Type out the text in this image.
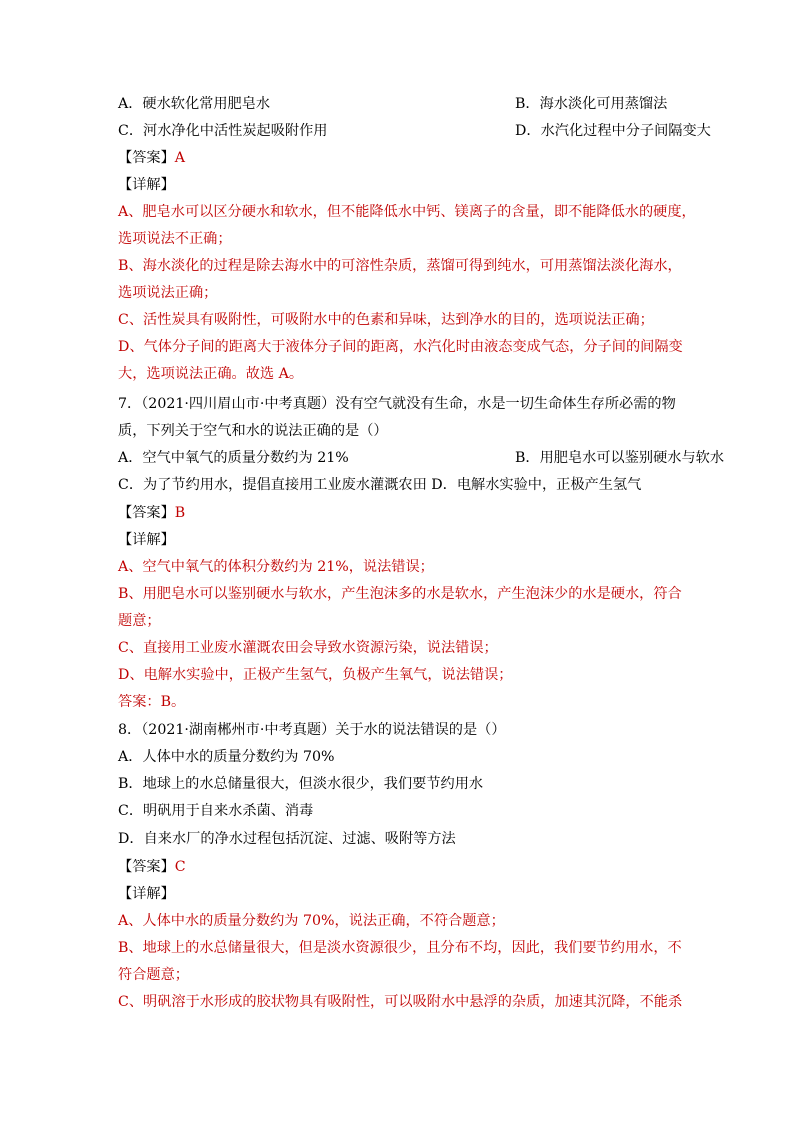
A．硬水软化常用肥皂水	B．海水淡化可用蒸馏法
C．河水净化中活性炭起吸附作用	D．水汽化过程中分子间隔变大
【答案】A
【详解】
A、肥皂水可以区分硬水和软水，但不能降低水中钙、镁离子的含量，即不能降低水的硬度，
选项说法不正确；
B、海水淡化的过程是除去海水中的可溶性杂质，蒸馏可得到纯水，可用蒸馏法淡化海水，
选项说法正确；
C、活性炭具有吸附性，可吸附水中的色素和异味，达到净水的目的，选项说法正确；
D、气体分子间的距离大于液体分子间的距离，水汽化时由液态变成气态，分子间的间隔变
大，选项说法正确。故选 A。
7．（2021·四川眉山市·中考真题）没有空气就没有生命，水是一切生命体生存所必需的物
质，下列关于空气和水的说法正确的是（）
A．空气中氧气的质量分数约为 21%	B．用肥皂水可以鉴别硬水与软水
C．为了节约用水，提倡直接用工业废水灌溉农田 D．电解水实验中，正极产生氢气
【答案】B
【详解】
A、空气中氧气的体积分数约为 21%，说法错误；
B、用肥皂水可以鉴别硬水与软水，产生泡沫多的水是软水，产生泡沫少的水是硬水，符合
题意；
C、直接用工业废水灌溉农田会导致水资源污染，说法错误；
D、电解水实验中，正极产生氢气，负极产生氧气，说法错误；
答案：B。
8．（2021·湖南郴州市·中考真题）关于水的说法错误的是（）
A．人体中水的质量分数约为 70%
B．地球上的水总储量很大，但淡水很少，我们要节约用水
C．明矾用于自来水杀菌、消毒
D．自来水厂的净水过程包括沉淀、过滤、吸附等方法
【答案】C
【详解】
A、人体中水的质量分数约为 70%，说法正确，不符合题意；
B、地球上的水总储量很大，但是淡水资源很少，且分布不均，因此，我们要节约用水，不
符合题意；
C、明矾溶于水形成的胶状物具有吸附性，可以吸附水中悬浮的杂质，加速其沉降，不能杀
